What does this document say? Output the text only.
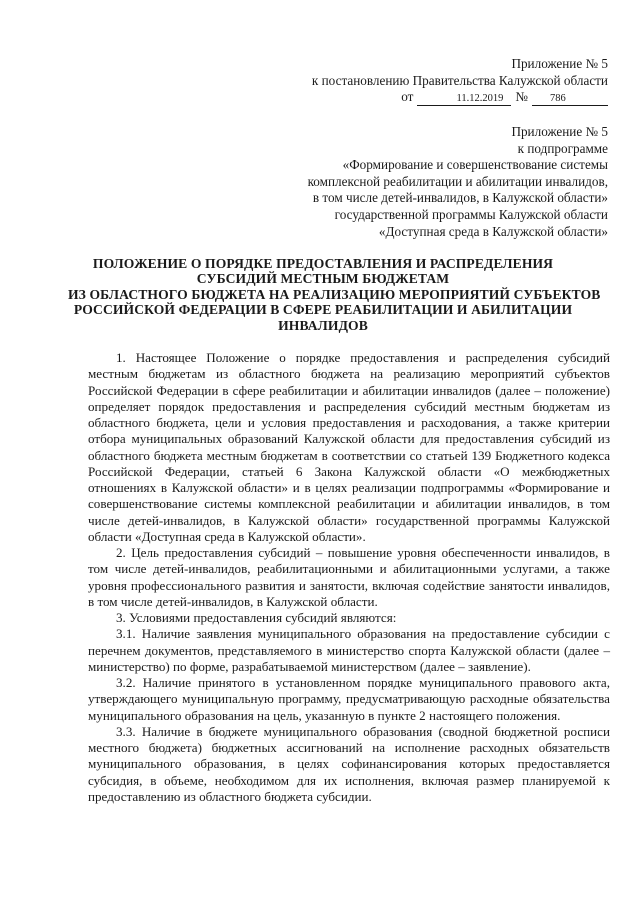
Приложение № 5
к постановлению Правительства Калужской области
от	11.12.2019 №	786
Приложение № 5
к подпрограмме
«Формирование и совершенствование системы
комплексной реабилитации и абилитации инвалидов,
в том числе детей-инвалидов, в Калужской области»
государственной программы Калужской области
«Доступная среда в Калужской области»
ПОЛОЖЕНИЕ О ПОРЯДКЕ ПРЕДОСТАВЛЕНИЯ И РАСПРЕДЕЛЕНИЯ
СУБСИДИЙ МЕСТНЫМ БЮДЖЕТАМ
ИЗ ОБЛАСТНОГО БЮДЖЕТА НА РЕАЛИЗАЦИЮ МЕРОПРИЯТИЙ СУБЪЕКТОВ
РОССИЙСКОЙ ФЕДЕРАЦИИ В СФЕРЕ РЕАБИЛИТАЦИИ И АБИЛИТАЦИИ
ИНВАЛИДОВ

1. Настоящее Положение о порядке предоставления и распределения субсидий местным бюджетам из областного бюджета на реализацию мероприятий субъектов Российской Федерации в сфере реабилитации и абилитации инвалидов (далее – положение) определяет порядок предоставления и распределения субсидий местным бюджетам из областного бюджета, цели и условия предоставления и расходования, а также критерии отбора муниципальных образований Калужской области для предоставления субсидий из областного бюджета местным бюджетам в соответствии со статьей 139 Бюджетного кодекса Российской Федерации, статьей 6 Закона Калужской области «О межбюджетных отношениях в Калужской области» и в целях реализации подпрограммы «Формирование и совершенствование системы комплексной реабилитации и абилитации инвалидов, в том числе детей-инвалидов, в Калужской области» государственной программы Калужской области «Доступная среда в Калужской области».

2. Цель предоставления субсидий – повышение уровня обеспеченности инвалидов, в том числе детей-инвалидов, реабилитационными и абилитационными услугами, а также уровня профессионального развития и занятости, включая содействие занятости инвалидов, в том числе детей-инвалидов, в Калужской области.

3. Условиями предоставления субсидий являются:

3.1. Наличие заявления муниципального образования на предоставление субсидии с перечнем документов, представляемого в министерство спорта Калужской области (далее – министерство) по форме, разрабатываемой министерством (далее – заявление).

3.2. Наличие принятого в установленном порядке муниципального правового акта, утверждающего муниципальную программу, предусматривающую расходные обязательства муниципального образования на цель, указанную в пункте 2 настоящего положения.

3.3. Наличие в бюджете муниципального образования (сводной бюджетной росписи местного бюджета) бюджетных ассигнований на исполнение расходных обязательств муниципального образования, в целях софинансирования которых предоставляется субсидия, в объеме, необходимом для их исполнения, включая размер планируемой к предоставлению из областного бюджета субсидии.
